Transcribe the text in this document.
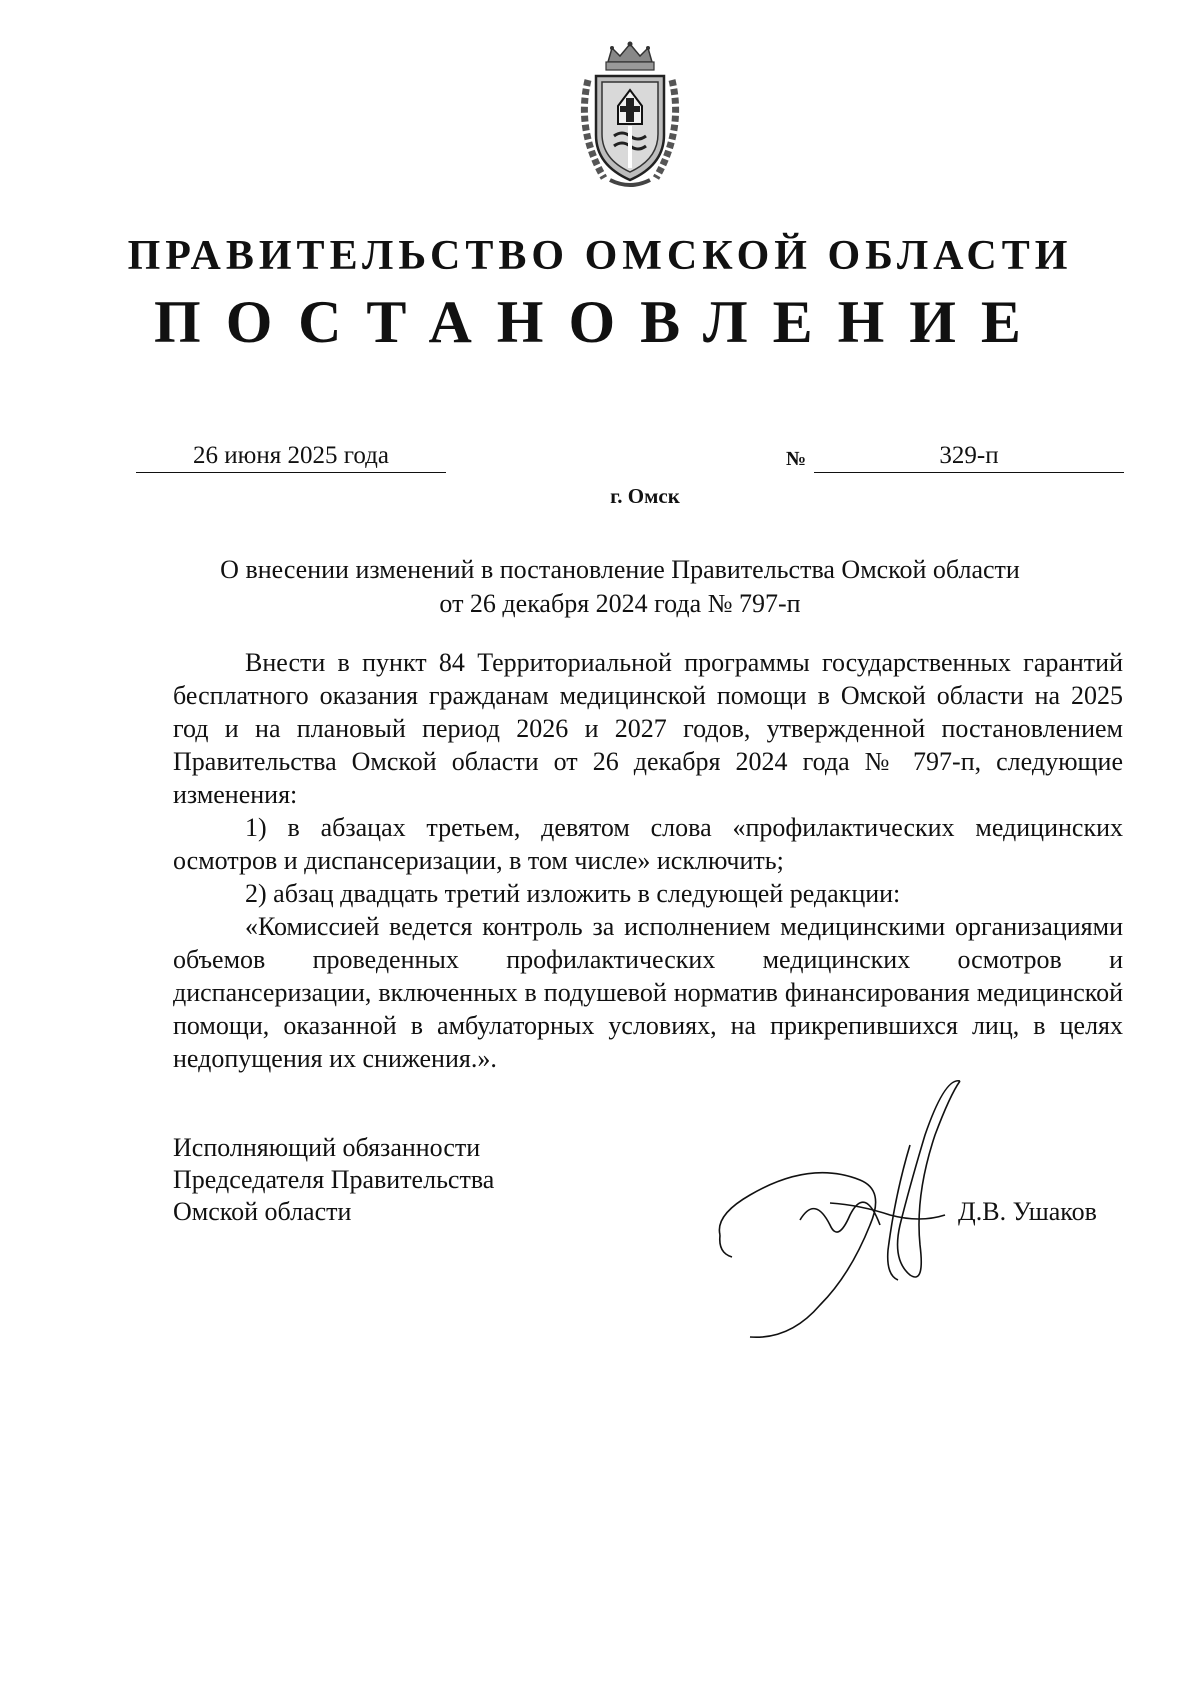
ПРАВИТЕЛЬСТВО ОМСКОЙ ОБЛАСТИ
ПОСТАНОВЛЕНИЕ
26 июня 2025 года	№	329-п
г. Омск
О внесении изменений в постановление Правительства Омской области
от 26 декабря 2024 года № 797-п

Внести в пункт 84 Территориальной программы государственных гарантий бесплатного оказания гражданам медицинской помощи в Омской области на 2025 год и на плановый период 2026 и 2027 годов, утвержденной постановлением Правительства Омской области от 26 декабря 2024 года № 797-п, следующие изменения:

1) в абзацах третьем, девятом слова «профилактических медицинских осмотров и диспансеризации, в том числе» исключить;

2) абзац двадцать третий изложить в следующей редакции:

«Комиссией ведется контроль за исполнением медицинскими организациями объемов проведенных профилактических медицинских осмотров и диспансеризации, включенных в подушевой норматив финансирования медицинской помощи, оказанной в амбулаторных условиях, на прикрепившихся лиц, в целях недопущения их снижения.».

Исполняющий обязанности
Председателя Правительства
Омской области	Д.В. Ушаков
